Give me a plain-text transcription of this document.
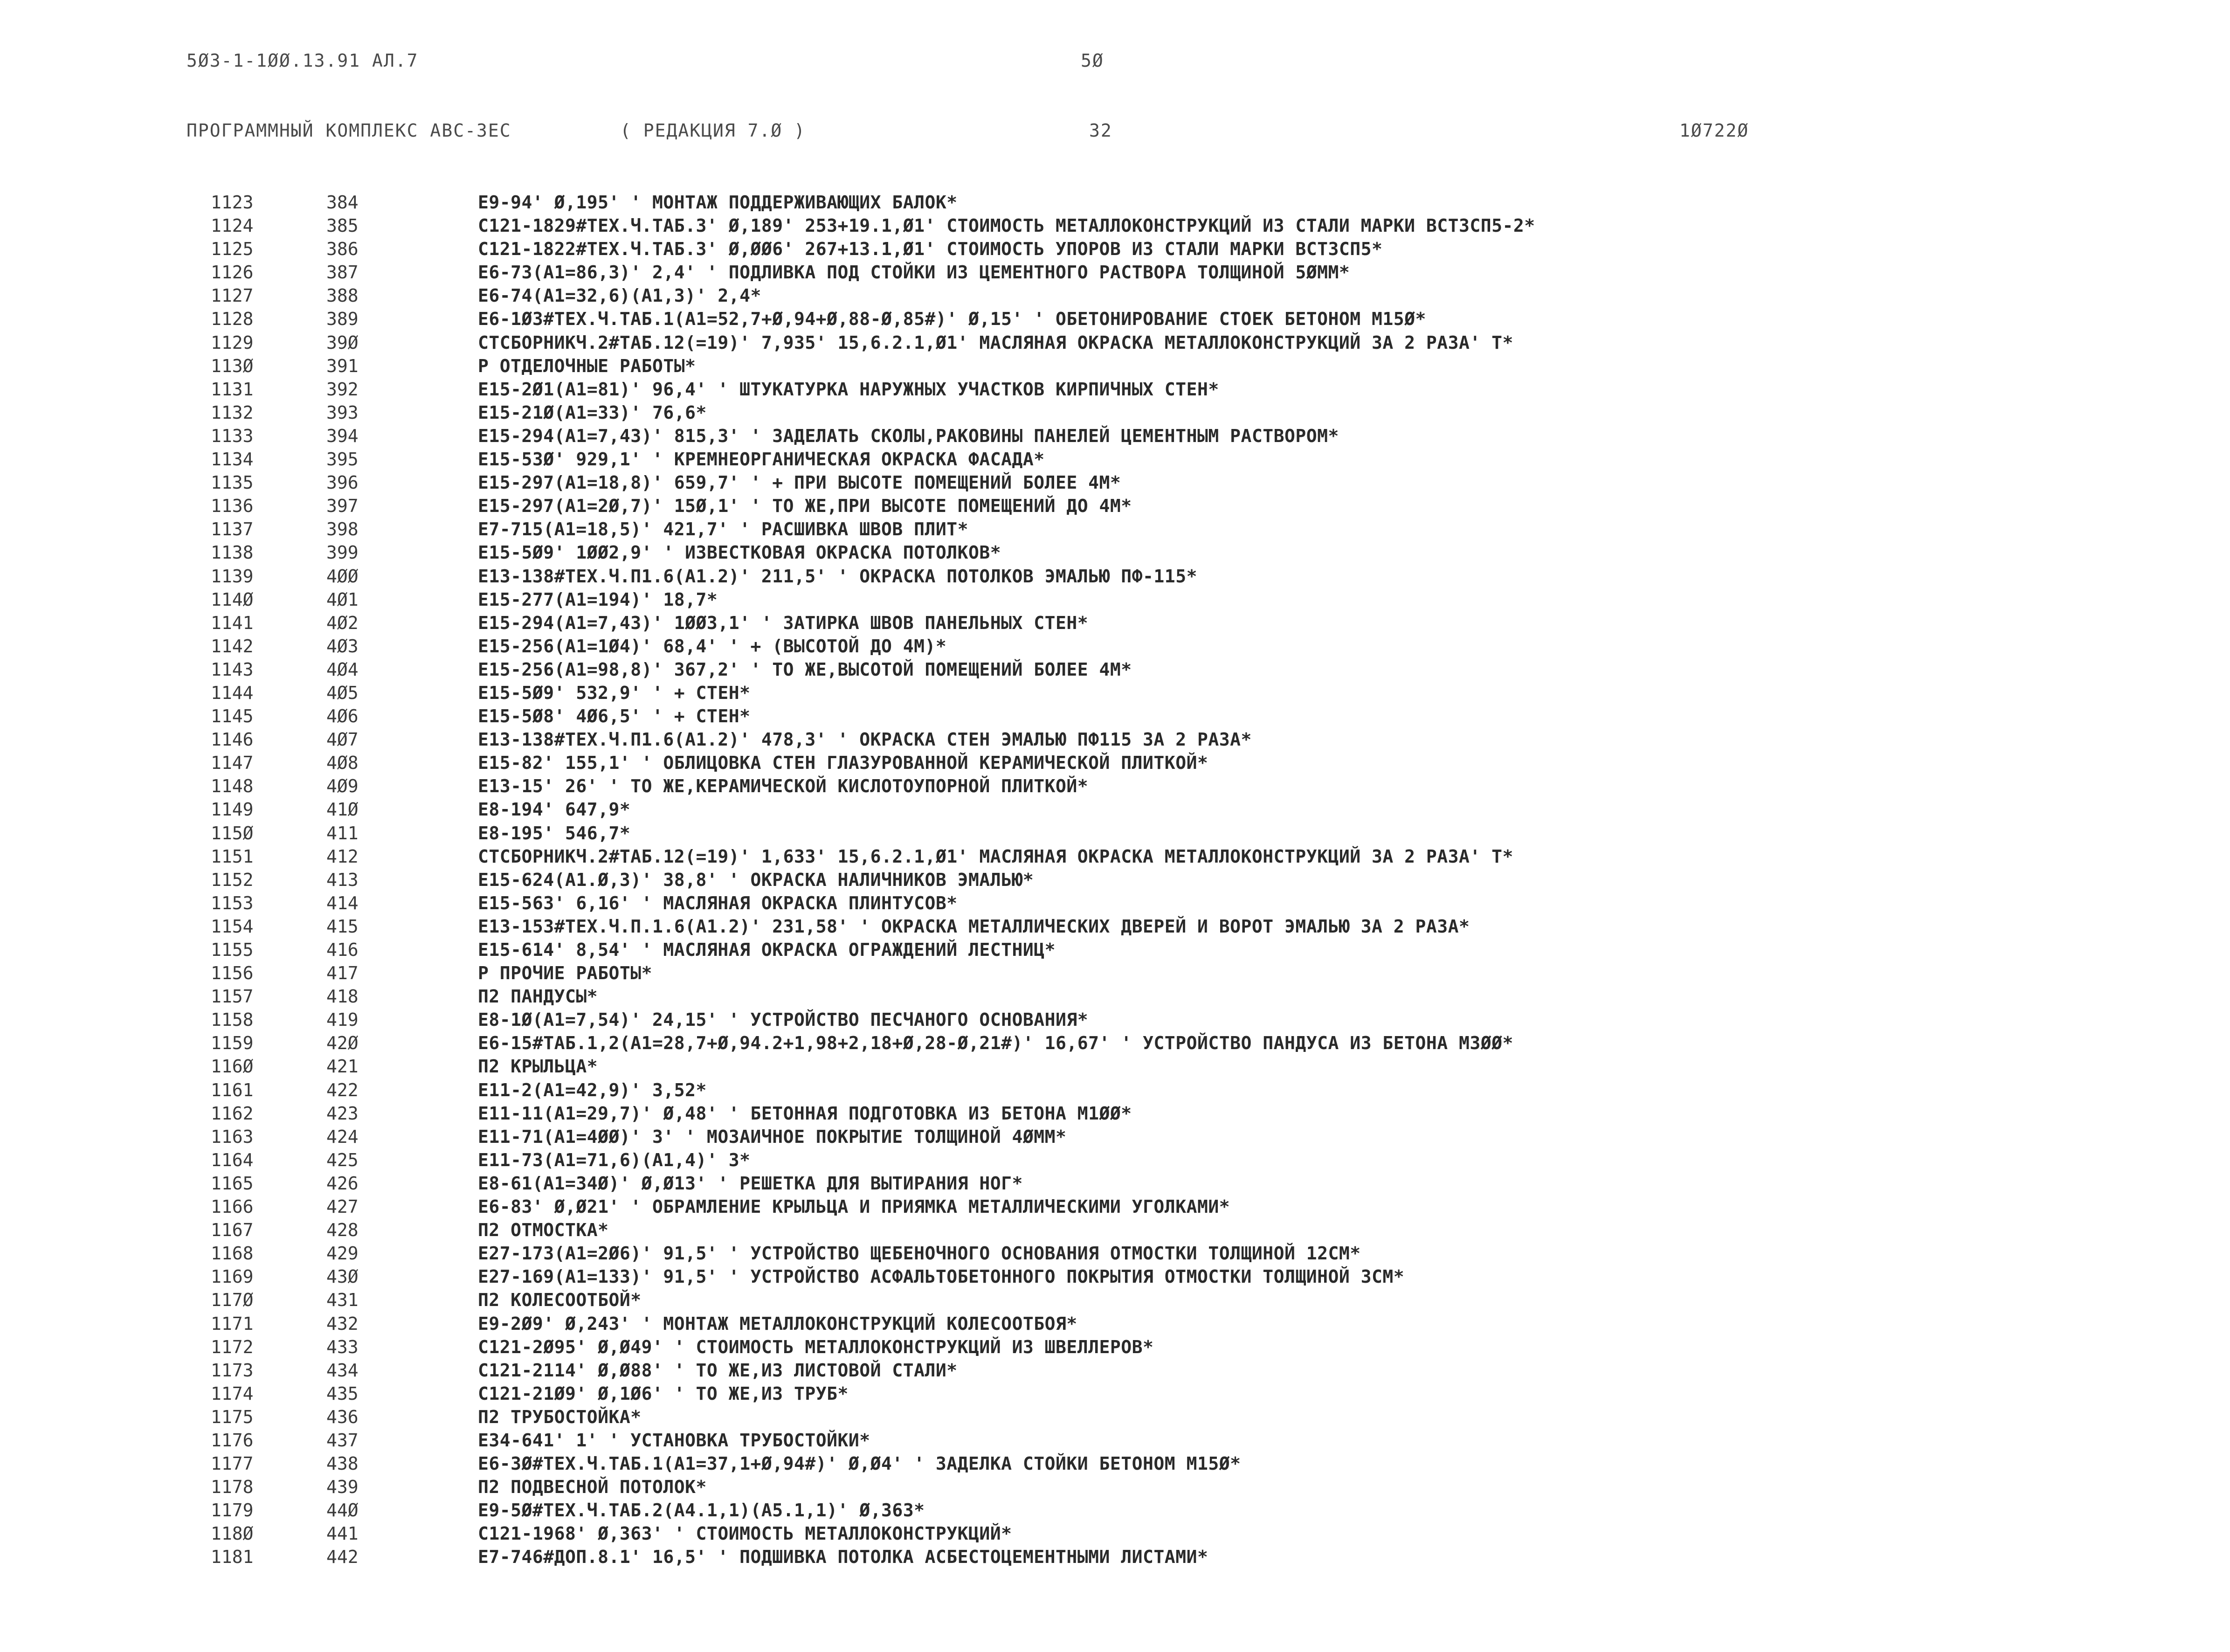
5Ø3-1-1ØØ.13.91 АЛ.7	5Ø
ПРОГРАММНЫЙ КОМПЛЕКС АВС-3ЕС	( РЕДАКЦИЯ 7.Ø )	32	1Ø722Ø
1123	384	Е9-94' Ø,195' ' МОНТАЖ ПОДДЕРЖИВАЮЩИХ БАЛОК*
1124	385	С121-1829#ТЕХ.Ч.ТАБ.3' Ø,189' 253+19.1,Ø1' СТОИМОСТЬ МЕТАЛЛОКОНСТРУКЦИЙ ИЗ СТАЛИ МАРКИ ВСТ3СП5-2*
1125	386	С121-1822#ТЕХ.Ч.ТАБ.3' Ø,ØØ6' 267+13.1,Ø1' СТОИМОСТЬ УПОРОВ ИЗ СТАЛИ МАРКИ ВСТ3СП5*
1126	387	Е6-73(А1=86,3)' 2,4' ' ПОДЛИВКА ПОД СТОЙКИ ИЗ ЦЕМЕНТНОГО РАСТВОРА ТОЛЩИНОЙ 5ØММ*
1127	388	Е6-74(А1=32,6)(А1,3)' 2,4*
1128	389	Е6-1Ø3#ТЕХ.Ч.ТАБ.1(А1=52,7+Ø,94+Ø,88-Ø,85#)' Ø,15' ' ОБЕТОНИРОВАНИЕ СТОЕК БЕТОНОМ М15Ø*
1129	39Ø	СТСБОРНИКЧ.2#ТАБ.12(=19)' 7,935' 15,6.2.1,Ø1' МАСЛЯНАЯ ОКРАСКА МЕТАЛЛОКОНСТРУКЦИЙ ЗА 2 РАЗА' Т*
113Ø	391	Р ОТДЕЛОЧНЫЕ РАБОТЫ*
1131	392	Е15-2Ø1(А1=81)' 96,4' ' ШТУКАТУРКА НАРУЖНЫХ УЧАСТКОВ КИРПИЧНЫХ СТЕН*
1132	393	Е15-21Ø(А1=33)' 76,6*
1133	394	Е15-294(А1=7,43)' 815,3' ' ЗАДЕЛАТЬ СКОЛЫ,РАКОВИНЫ ПАНЕЛЕЙ ЦЕМЕНТНЫМ РАСТВОРОМ*
1134	395	Е15-53Ø' 929,1' ' КРЕМНЕОРГАНИЧЕСКАЯ ОКРАСКА ФАСАДА*
1135	396	Е15-297(А1=18,8)' 659,7' ' + ПРИ ВЫСОТЕ ПОМЕЩЕНИЙ БОЛЕЕ 4М*
1136	397	Е15-297(А1=2Ø,7)' 15Ø,1' ' ТО ЖЕ,ПРИ ВЫСОТЕ ПОМЕЩЕНИЙ ДО 4М*
1137	398	Е7-715(А1=18,5)' 421,7' ' РАСШИВКА ШВОВ ПЛИТ*
1138	399	Е15-5Ø9' 1ØØ2,9' ' ИЗВЕСТКОВАЯ ОКРАСКА ПОТОЛКОВ*
1139	4ØØ	Е13-138#ТЕХ.Ч.П1.6(А1.2)' 211,5' ' ОКРАСКА ПОТОЛКОВ ЭМАЛЬЮ ПФ-115*
114Ø	4Ø1	Е15-277(А1=194)' 18,7*
1141	4Ø2	Е15-294(А1=7,43)' 1ØØ3,1' ' ЗАТИРКА ШВОВ ПАНЕЛЬНЫХ СТЕН*
1142	4Ø3	Е15-256(А1=1Ø4)' 68,4' ' + (ВЫСОТОЙ ДО 4М)*
1143	4Ø4	Е15-256(А1=98,8)' 367,2' ' ТО ЖЕ,ВЫСОТОЙ ПОМЕЩЕНИЙ БОЛЕЕ 4М*
1144	4Ø5	Е15-5Ø9' 532,9' ' + СТЕН*
1145	4Ø6	Е15-5Ø8' 4Ø6,5' ' + СТЕН*
1146	4Ø7	Е13-138#ТЕХ.Ч.П1.6(А1.2)' 478,3' ' ОКРАСКА СТЕН ЭМАЛЬЮ ПФ115 ЗА 2 РАЗА*
1147	4Ø8	Е15-82' 155,1' ' ОБЛИЦОВКА СТЕН ГЛАЗУРОВАННОЙ КЕРАМИЧЕСКОЙ ПЛИТКОЙ*
1148	4Ø9	Е13-15' 26' ' ТО ЖЕ,КЕРАМИЧЕСКОЙ КИСЛОТОУПОРНОЙ ПЛИТКОЙ*
1149	41Ø	Е8-194' 647,9*
115Ø	411	Е8-195' 546,7*
1151	412	СТСБОРНИКЧ.2#ТАБ.12(=19)' 1,633' 15,6.2.1,Ø1' МАСЛЯНАЯ ОКРАСКА МЕТАЛЛОКОНСТРУКЦИЙ ЗА 2 РАЗА' Т*
1152	413	Е15-624(А1.Ø,3)' 38,8' ' ОКРАСКА НАЛИЧНИКОВ ЭМАЛЬЮ*
1153	414	Е15-563' 6,16' ' МАСЛЯНАЯ ОКРАСКА ПЛИНТУСОВ*
1154	415	Е13-153#ТЕХ.Ч.П.1.6(А1.2)' 231,58' ' ОКРАСКА МЕТАЛЛИЧЕСКИХ ДВЕРЕЙ И ВОРОТ ЭМАЛЬЮ ЗА 2 РАЗА*
1155	416	Е15-614' 8,54' ' МАСЛЯНАЯ ОКРАСКА ОГРАЖДЕНИЙ ЛЕСТНИЦ*
1156	417	Р ПРОЧИЕ РАБОТЫ*
1157	418	П2 ПАНДУСЫ*
1158	419	Е8-1Ø(А1=7,54)' 24,15' ' УСТРОЙСТВО ПЕСЧАНОГО ОСНОВАНИЯ*
1159	42Ø	Е6-15#ТАБ.1,2(А1=28,7+Ø,94.2+1,98+2,18+Ø,28-Ø,21#)' 16,67' ' УСТРОЙСТВО ПАНДУСА ИЗ БЕТОНА М3ØØ*
116Ø	421	П2 КРЫЛЬЦА*
1161	422	Е11-2(А1=42,9)' 3,52*
1162	423	Е11-11(А1=29,7)' Ø,48' ' БЕТОННАЯ ПОДГОТОВКА ИЗ БЕТОНА М1ØØ*
1163	424	Е11-71(А1=4ØØ)' 3' ' МОЗАИЧНОЕ ПОКРЫТИЕ ТОЛЩИНОЙ 4ØММ*
1164	425	Е11-73(А1=71,6)(А1,4)' 3*
1165	426	Е8-61(А1=34Ø)' Ø,Ø13' ' РЕШЕТКА ДЛЯ ВЫТИРАНИЯ НОГ*
1166	427	Е6-83' Ø,Ø21' ' ОБРАМЛЕНИЕ КРЫЛЬЦА И ПРИЯМКА МЕТАЛЛИЧЕСКИМИ УГОЛКАМИ*
1167	428	П2 ОТМОСТКА*
1168	429	Е27-173(А1=2Ø6)' 91,5' ' УСТРОЙСТВО ЩЕБЕНОЧНОГО ОСНОВАНИЯ ОТМОСТКИ ТОЛЩИНОЙ 12СМ*
1169	43Ø	Е27-169(А1=133)' 91,5' ' УСТРОЙСТВО АСФАЛЬТОБЕТОННОГО ПОКРЫТИЯ ОТМОСТКИ ТОЛЩИНОЙ 3СМ*
117Ø	431	П2 КОЛЕСООТБОЙ*
1171	432	Е9-2Ø9' Ø,243' ' МОНТАЖ МЕТАЛЛОКОНСТРУКЦИЙ КОЛЕСООТБОЯ*
1172	433	С121-2Ø95' Ø,Ø49' ' СТОИМОСТЬ МЕТАЛЛОКОНСТРУКЦИЙ ИЗ ШВЕЛЛЕРОВ*
1173	434	С121-2114' Ø,Ø88' ' ТО ЖЕ,ИЗ ЛИСТОВОЙ СТАЛИ*
1174	435	С121-21Ø9' Ø,1Ø6' ' ТО ЖЕ,ИЗ ТРУБ*
1175	436	П2 ТРУБОСТОЙКА*
1176	437	Е34-641' 1' ' УСТАНОВКА ТРУБОСТОЙКИ*
1177	438	Е6-3Ø#ТЕХ.Ч.ТАБ.1(А1=37,1+Ø,94#)' Ø,Ø4' ' ЗАДЕЛКА СТОЙКИ БЕТОНОМ М15Ø*
1178	439	П2 ПОДВЕСНОЙ ПОТОЛОК*
1179	44Ø	Е9-5Ø#ТЕХ.Ч.ТАБ.2(А4.1,1)(А5.1,1)' Ø,363*
118Ø	441	С121-1968' Ø,363' ' СТОИМОСТЬ МЕТАЛЛОКОНСТРУКЦИЙ*
1181	442	Е7-746#ДОП.8.1' 16,5' ' ПОДШИВКА ПОТОЛКА АСБЕСТОЦЕМЕНТНЫМИ ЛИСТАМИ*
